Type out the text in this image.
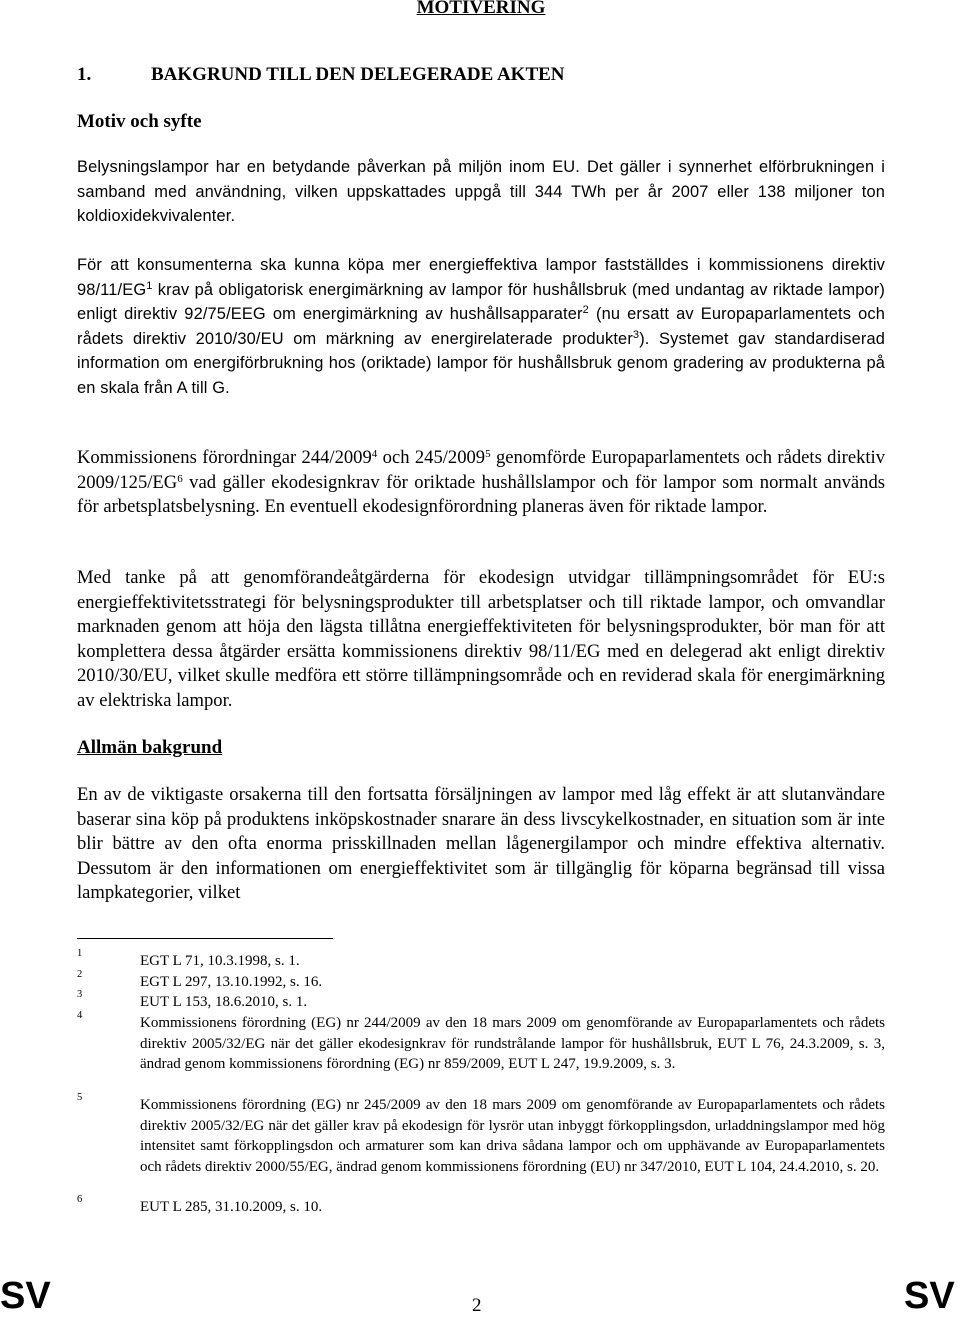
MOTIVERING
1.	BAKGRUND TILL DEN DELEGERADE AKTEN
Motiv och syfte

Belysningslampor har en betydande påverkan på miljön inom EU. Det gäller i synnerhet elförbrukningen i samband med användning, vilken uppskattades uppgå till 344 TWh per år 2007 eller 138 miljoner ton koldioxidekvivalenter.

För att konsumenterna ska kunna köpa mer energieffektiva lampor fastställdes i kommissionens direktiv $98/11/EG^1$ krav på obligatorisk energimärkning av lampor för hushållsbruk (med undantag av riktade lampor) enligt direktiv 92/75/EEG om energimärkning av hushållsapparater$^2$ (nu ersatt av Europaparlamentets och rådets direktiv 2010/30/EU om märkning av energirelaterade produkter$^3$). Systemet gav standardiserad information om energiförbrukning hos (oriktade) lampor för hushållsbruk genom gradering av produkterna på en skala från A till G.

Kommissionens förordningar 244/2009$^4$ och 245/2009$^5$ genomförde Europaparlamentets och rådets direktiv $2009/125/EG^6$ vad gäller ekodesignkrav för oriktade hushållslampor och för lampor som normalt används för arbetsplatsbelysning. En eventuell ekodesignförordning planeras även för riktade lampor.

Med tanke på att genomförandeåtgärderna för ekodesign utvidgar tillämpningsområdet för EU:s energieffektivitetsstrategi för belysningsprodukter till arbetsplatser och till riktade lampor, och omvandlar marknaden genom att höja den lägsta tillåtna energieffektiviteten för belysningsprodukter, bör man för att komplettera dessa åtgärder ersätta kommissionens direktiv 98/11/EG med en delegerad akt enligt direktiv 2010/30/EU, vilket skulle medföra ett större tillämpningsområde och en reviderad skala för energimärkning av elektriska lampor.

Allmän bakgrund

En av de viktigaste orsakerna till den fortsatta försäljningen av lampor med låg effekt är att slutanvändare baserar sina köp på produktens inköpskostnader snarare än dess livscykelkostnader, en situation som är inte blir bättre av den ofta enorma prisskillnaden mellan lågenergilampor och mindre effektiva alternativ. Dessutom är den informationen om energieffektivitet som är tillgänglig för köparna begränsad till vissa lampkategorier, vilket

1	EGT L 71, 10.3.1998, s. 1.
2	EGT L 297, 13.10.1992, s. 16.
3	EUT L 153, 18.6.2010, s. 1.
4	Kommissionens förordning (EG) nr 244/2009 av den 18 mars 2009 om genomförande av Europaparlamentets och rådets direktiv 2005/32/EG när det gäller ekodesignkrav för rundstrålande lampor för hushållsbruk, EUT L 76, 24.3.2009, s. 3, ändrad genom kommissionens förordning (EG) nr 859/2009, EUT L 247, 19.9.2009, s. 3.
5	Kommissionens förordning (EG) nr 245/2009 av den 18 mars 2009 om genomförande av Europaparlamentets och rådets direktiv 2005/32/EG när det gäller krav på ekodesign för lysrör utan inbyggt förkopplingsdon, urladdningslampor med hög intensitet samt förkopplingsdon och armaturer som kan driva sådana lampor och om upphävande av Europaparlamentets och rådets direktiv 2000/55/EG, ändrad genom kommissionens förordning (EU) nr 347/2010, EUT L 104, 24.4.2010, s. 20.
6	EUT L 285, 31.10.2009, s. 10.
SV	2	SV
